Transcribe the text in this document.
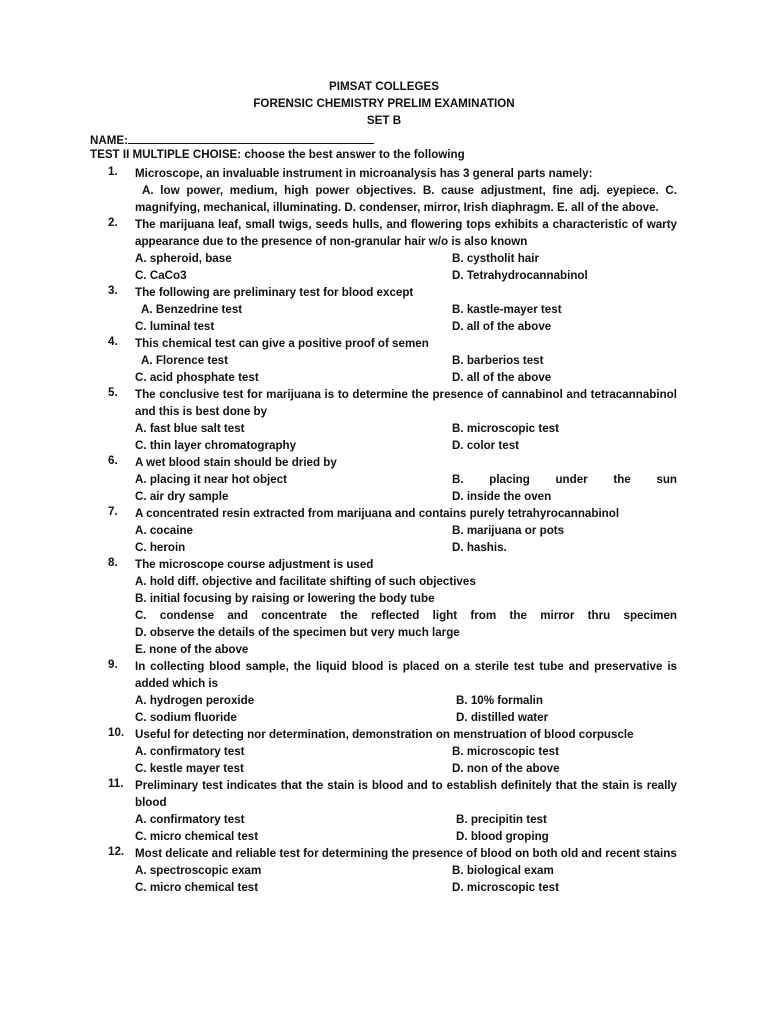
PIMSAT COLLEGES
FORENSIC CHEMISTRY PRELIM EXAMINATION
SET B
NAME:
TEST II MULTIPLE CHOISE: choose the best answer to the following
1.	Microscope, an invaluable instrument in microanalysis has 3 general parts namely:
A. low power, medium, high power objectives. B. cause adjustment, fine adj. eyepiece. C. magnifying, mechanical, illuminating. D. condenser, mirror, Irish diaphragm. E. all of the above.
2.	The marijuana leaf, small twigs, seeds hulls, and flowering tops exhibits a characteristic of warty appearance due to the presence of non-granular hair w/o is also known
A. spheroid, base	B. cystholit hair
C. CaCo3	D. Tetrahydrocannabinol
3.	The following are preliminary test for blood except
A. Benzedrine test	B. kastle-mayer test
C. luminal test	D. all of the above
4.	This chemical test can give a positive proof of semen
A. Florence test	B. barberios test
C. acid phosphate test	D. all of the above
5.	The conclusive test for marijuana is to determine the presence of cannabinol and tetracannabinol and this is best done by
A. fast blue salt test	B. microscopic test
C. thin layer chromatography	D. color test
6.	A wet blood stain should be dried by
A. placing it near hot object	B. placing under the sun
C. air dry sample	D. inside the oven
7.	A concentrated resin extracted from marijuana and contains purely tetrahyrocannabinol
A. cocaine	B. marijuana or pots
C. heroin	D. hashis.
8.	The microscope course adjustment is used
A. hold diff. objective and facilitate shifting of such objectives
B. initial focusing by raising or lowering the body tube
C. condense and concentrate the reflected light from the mirror thru specimen
D. observe the details of the specimen but very much large
E. none of the above
9.	In collecting blood sample, the liquid blood is placed on a sterile test tube and preservative is added which is
A. hydrogen peroxide	B. 10% formalin
C. sodium fluoride	D. distilled water
10. Useful for detecting nor determination, demonstration on menstruation of blood corpuscle
A. confirmatory test	B. microscopic test
C. kestle mayer test	D. non of the above
11. Preliminary test indicates that the stain is blood and to establish definitely that the stain is really blood
A. confirmatory test	B. precipitin test
C. micro chemical test	D. blood groping
12. Most delicate and reliable test for determining the presence of blood on both old and recent stains
A. spectroscopic exam	B. biological exam
C. micro chemical test	D. microscopic test
